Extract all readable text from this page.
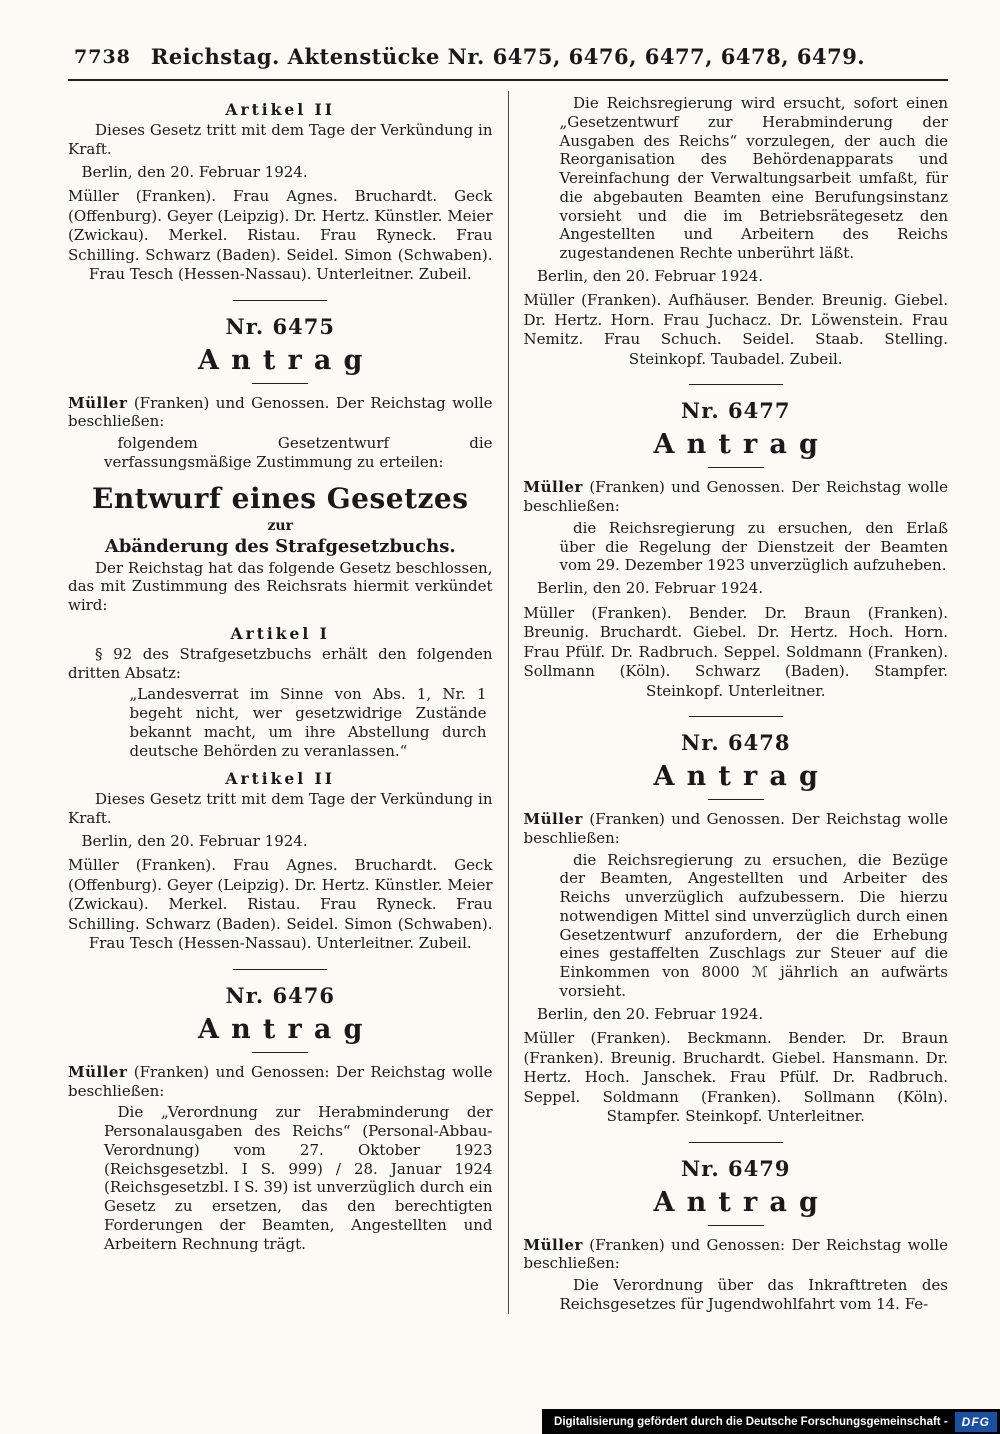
7738 Reichstag. Aktenstücke Nr. 6475, 6476, 6477, 6478, 6479.
Artikel II

Dieses Gesetz tritt mit dem Tage der Verkündung in Kraft.

Berlin, den 20. Februar 1924.

Müller (Franken). Frau Agnes. Bruchardt. Geck (Offenburg). Geyer (Leipzig). Dr. Hertz. Künstler. Meier (Zwickau). Merkel. Ristau. Frau Ryneck. Frau Schilling. Schwarz (Baden). Seidel. Simon (Schwaben). Frau Tesch (Hessen-Nassau). Unterleitner. Zubeil.

Nr. 6475
Antrag

Müller (Franken) und Genossen. Der Reichstag wolle beschließen:

folgendem Gesetzentwurf die verfassungsmäßige Zustimmung zu erteilen:

Entwurf eines Gesetzes
zur
Abänderung des Strafgesetzbuchs.

Der Reichstag hat das folgende Gesetz beschlossen, das mit Zustimmung des Reichsrats hiermit verkündet wird:

Artikel I

§ 92 des Strafgesetzbuchs erhält den folgenden dritten Absatz:

„Landesverrat im Sinne von Abs. 1, Nr. 1 begeht nicht, wer gesetzwidrige Zustände bekannt macht, um ihre Abstellung durch deutsche Behörden zu veranlassen.“

Artikel II

Dieses Gesetz tritt mit dem Tage der Verkündung in Kraft.

Berlin, den 20. Februar 1924.

Müller (Franken). Frau Agnes. Bruchardt. Geck (Offenburg). Geyer (Leipzig). Dr. Hertz. Künstler. Meier (Zwickau). Merkel. Ristau. Frau Ryneck. Frau Schilling. Schwarz (Baden). Seidel. Simon (Schwaben). Frau Tesch (Hessen-Nassau). Unterleitner. Zubeil.

Nr. 6476
Antrag

Müller (Franken) und Genossen: Der Reichstag wolle beschließen:

Die „Verordnung zur Herabminderung der Personalausgaben des Reichs“ (Personal-Abbau-Verordnung) vom 27. Oktober 1923 (Reichsgesetzbl. I S. 999) / 28. Januar 1924 (Reichsgesetzbl. I S. 39) ist unverzüglich durch ein Gesetz zu ersetzen, das den berechtigten Forderungen der Beamten, Angestellten und Arbeitern Rechnung trägt.

Die Reichsregierung wird ersucht, sofort einen „Gesetzentwurf zur Herabminderung der Ausgaben des Reichs“ vorzulegen, der auch die Reorganisation des Behördenapparats und Vereinfachung der Verwaltungsarbeit umfaßt, für die abgebauten Beamten eine Berufungsinstanz vorsieht und die im Betriebsrätegesetz den Angestellten und Arbeitern des Reichs zugestandenen Rechte unberührt läßt.

Berlin, den 20. Februar 1924.

Müller (Franken). Aufhäuser. Bender. Breunig. Giebel. Dr. Hertz. Horn. Frau Juchacz. Dr. Löwenstein. Frau Nemitz. Frau Schuch. Seidel. Staab. Stelling. Steinkopf. Taubadel. Zubeil.

Nr. 6477
Antrag

Müller (Franken) und Genossen. Der Reichstag wolle beschließen:

die Reichsregierung zu ersuchen, den Erlaß über die Regelung der Dienstzeit der Beamten vom 29. Dezember 1923 unverzüglich aufzuheben.

Berlin, den 20. Februar 1924.

Müller (Franken). Bender. Dr. Braun (Franken). Breunig. Bruchardt. Giebel. Dr. Hertz. Hoch. Horn. Frau Pfülf. Dr. Radbruch. Seppel. Soldmann (Franken). Sollmann (Köln). Schwarz (Baden). Stampfer. Steinkopf. Unterleitner.

Nr. 6478
Antrag

Müller (Franken) und Genossen. Der Reichstag wolle beschließen:

die Reichsregierung zu ersuchen, die Bezüge der Beamten, Angestellten und Arbeiter des Reichs unverzüglich aufzubessern. Die hierzu notwendigen Mittel sind unverzüglich durch einen Gesetzentwurf anzufordern, der die Erhebung eines gestaffelten Zuschlags zur Steuer auf die Einkommen von 8000 ℳ jährlich an aufwärts vorsieht.

Berlin, den 20. Februar 1924.

Müller (Franken). Beckmann. Bender. Dr. Braun (Franken). Breunig. Bruchardt. Giebel. Hansmann. Dr. Hertz. Hoch. Janschek. Frau Pfülf. Dr. Radbruch. Seppel. Soldmann (Franken). Sollmann (Köln). Stampfer. Steinkopf. Unterleitner.

Nr. 6479
Antrag

Müller (Franken) und Genossen: Der Reichstag wolle beschließen:

Die Verordnung über das Inkrafttreten des Reichsgesetzes für Jugendwohlfahrt vom 14. Fe-

Digitalisierung gefördert durch die Deutsche Forschungsgemeinschaft -	DFG
